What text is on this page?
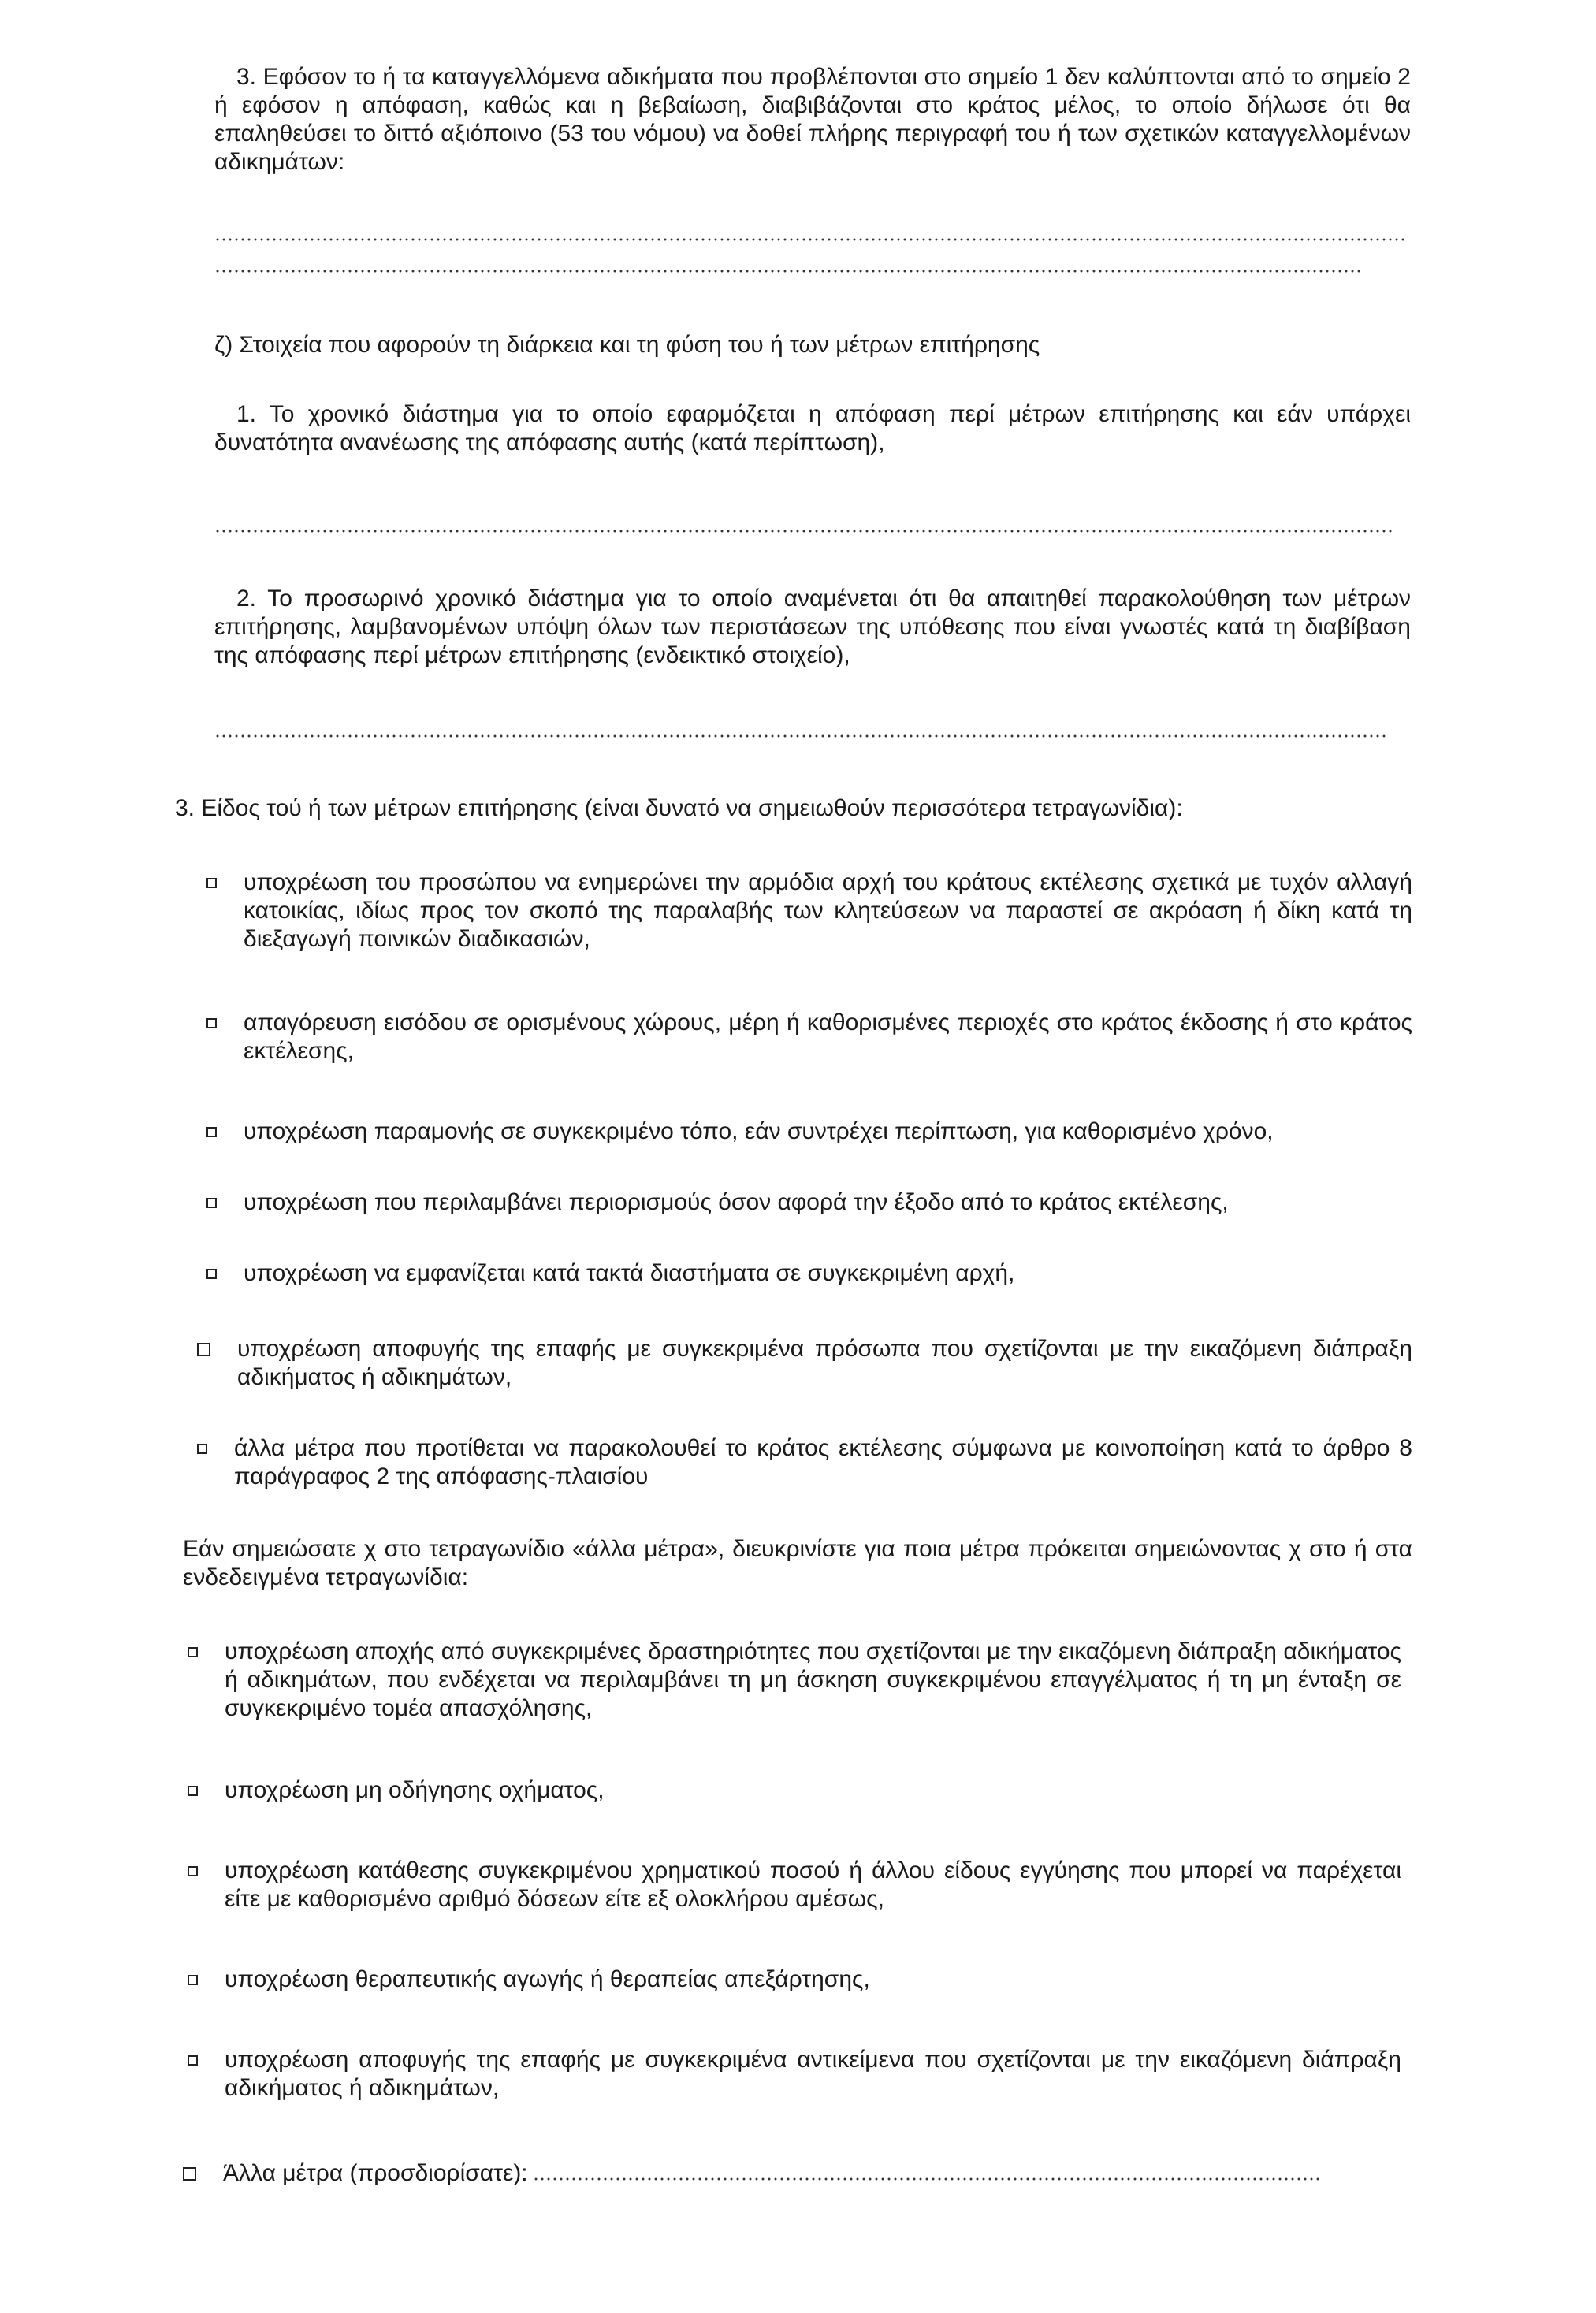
3. Εφόσον το ή τα καταγγελλόμενα αδικήματα που προβλέπονται στο σημείο 1 δεν καλύπτονται από το σημείο 2 ή εφόσον η απόφαση, καθώς και η βεβαίωση, διαβιβάζονται στο κράτος μέλος, το οποίο δήλωσε ότι θα επαληθεύσει το διττό αξιόποινο (53 του νόμου) να δοθεί πλήρης περιγραφή του ή των σχετικών καταγγελλομένων αδικημάτων:

ζ) Στοιχεία που αφορούν τη διάρκεια και τη φύση του ή των μέτρων επιτήρησης

1. Το χρονικό διάστημα για το οποίο εφαρμόζεται η απόφαση περί μέτρων επιτήρησης και εάν υπάρχει δυνατότητα ανανέωσης της απόφασης αυτής (κατά περίπτωση),

2. Το προσωρινό χρονικό διάστημα για το οποίο αναμένεται ότι θα απαιτηθεί παρακολούθηση των μέτρων επιτήρησης, λαμβανομένων υπόψη όλων των περιστάσεων της υπόθεσης που είναι γνωστές κατά τη διαβίβαση της απόφασης περί μέτρων επιτήρησης (ενδεικτικό στοιχείο),

3. Είδος τού ή των μέτρων επιτήρησης (είναι δυνατό να σημειωθούν περισσότερα τετραγωνίδια):

υποχρέωση του προσώπου να ενημερώνει την αρμόδια αρχή του κράτους εκτέλεσης σχετικά με τυχόν αλλαγή κατοικίας, ιδίως προς τον σκοπό της παραλαβής των κλητεύσεων να παραστεί σε ακρόαση ή δίκη κατά τη διεξαγωγή ποινικών διαδικασιών,
απαγόρευση εισόδου σε ορισμένους χώρους, μέρη ή καθορισμένες περιοχές στο κράτος έκδοσης ή στο κράτος εκτέλεσης,
υποχρέωση παραμονής σε συγκεκριμένο τόπο, εάν συντρέχει περίπτωση, για καθορισμένο χρόνο,
υποχρέωση που περιλαμβάνει περιορισμούς όσον αφορά την έξοδο από το κράτος εκτέλεσης,
υποχρέωση να εμφανίζεται κατά τακτά διαστήματα σε συγκεκριμένη αρχή,
υποχρέωση αποφυγής της επαφής με συγκεκριμένα πρόσωπα που σχετίζονται με την εικαζόμενη διάπραξη αδικήματος ή αδικημάτων,
άλλα μέτρα που προτίθεται να παρακολουθεί το κράτος εκτέλεσης σύμφωνα με κοινοποίηση κατά το άρθρο 8 παράγραφος 2 της απόφασης-πλαισίου

Εάν σημειώσατε χ στο τετραγωνίδιο «άλλα μέτρα», διευκρινίστε για ποια μέτρα πρόκειται σημειώνοντας χ στο ή στα ενδεδειγμένα τετραγωνίδια:

υποχρέωση αποχής από συγκεκριμένες δραστηριότητες που σχετίζονται με την εικαζόμενη διάπραξη αδικήματος ή αδικημάτων, που ενδέχεται να περιλαμβάνει τη μη άσκηση συγκεκριμένου επαγγέλματος ή τη μη ένταξη σε συγκεκριμένο τομέα απασχόλησης,
υποχρέωση μη οδήγησης οχήματος,
υποχρέωση κατάθεσης συγκεκριμένου χρηματικού ποσού ή άλλου είδους εγγύησης που μπορεί να παρέχεται είτε με καθορισμένο αριθμό δόσεων είτε εξ ολοκλήρου αμέσως,
υποχρέωση θεραπευτικής αγωγής ή θεραπείας απεξάρτησης,
υποχρέωση αποφυγής της επαφής με συγκεκριμένα αντικείμενα που σχετίζονται με την εικαζόμενη διάπραξη αδικήματος ή αδικημάτων,
Άλλα μέτρα (προσδιορίσατε):
